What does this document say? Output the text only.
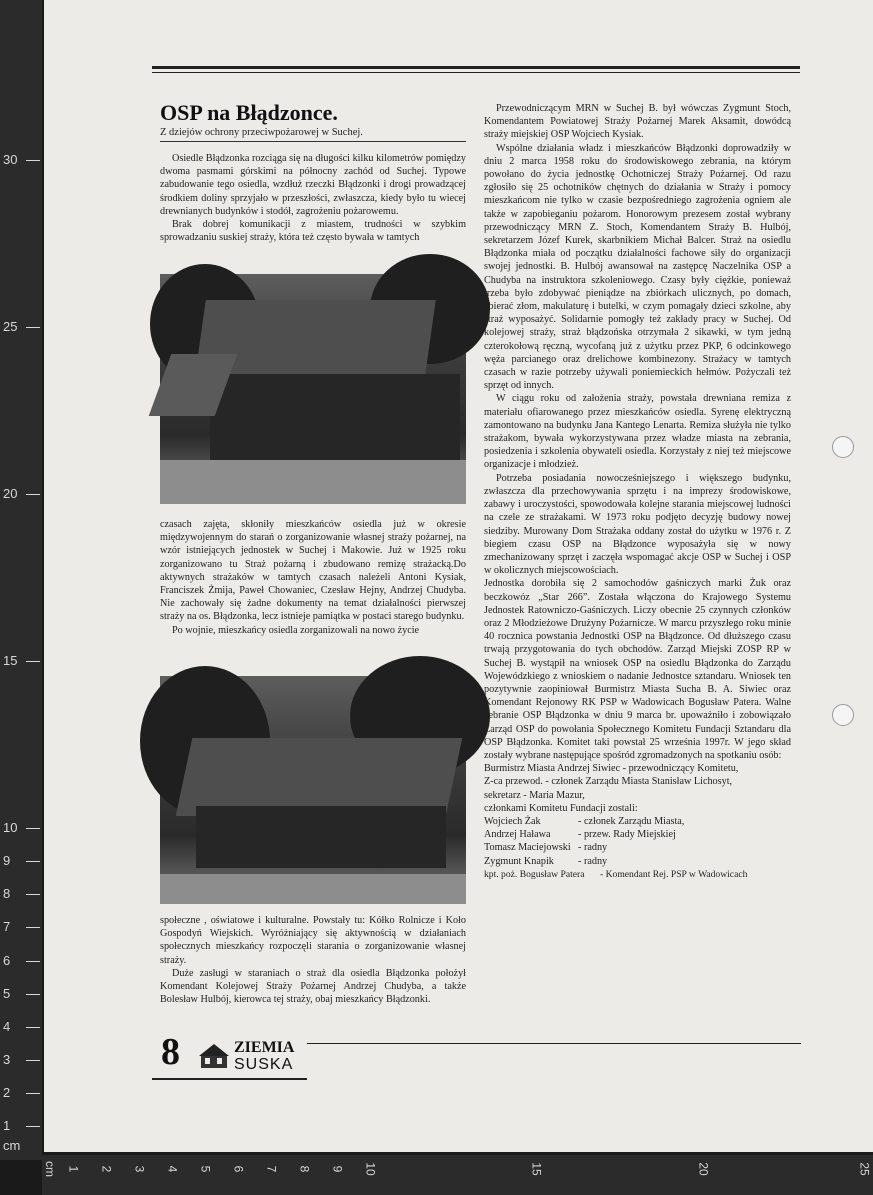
30
25
20
15
10
9
8
7
6
5
4
3
2
1
cm
cm 1 2 3 4 5 6 7 8 9 10	15	20	25
OSP na Błądzonce.
Z dziejów ochrony przeciwpożarowej w Suchej.

Osiedle Błądzonka rozciąga się na długości kilku kilometrów pomiędzy dwoma pasmami górskimi na północny zachód od Suchej. Typowe zabudowanie tego osiedla, wzdłuż rzeczki Błądzonki i drogi prowadzącej środkiem doliny sprzyjało w przeszłości, zwłaszcza, kiedy było tu wiecej drewnianych budynków i stodół, zagrożeniu pożarowemu.

Brak dobrej komunikacji z miastem, trudności w szybkim sprowadzaniu suskiej straży, która też często bywała w tamtych

czasach zajęta, skłoniły mieszkańców osiedla już w okresie międzywojennym do starań o zorganizowanie własnej straży pożarnej, na wzór istniejących jednostek w Suchej i Makowie. Już w 1925 roku zorganizowano tu Straż pożarną i zbudowano remizę strażacką.Do aktywnych strażaków w tamtych czasach należeli Antoni Kysiak, Franciszek Żmija, Paweł Chowaniec, Czesław Hejny, Andrzej Chudyba. Nie zachowały się żadne dokumenty na temat działalności pierwszej straży na os. Błądzonka, lecz istnieje pamiątka w postaci starego budynku.

Po wojnie, mieszkańcy osiedla zorganizowali na nowo życie

społeczne , oświatowe i kulturalne. Powstały tu: Kółko Rolnicze i Koło Gospodyń Wiejskich. Wyróżniający się aktywnością w działaniach społecznych mieszkańcy rozpoczęli starania o zorganizowanie własnej straży.

Duże zasługi w staraniach o straż dla osiedla Błądzonka położył Komendant Kolejowej Straży Pożarnej Andrzej Chudyba, a także Bolesław Hulbój, kierowca tej straży, obaj mieszkańcy Błądzonki.

Przewodniczącym MRN w Suchej B. był wówczas Zygmunt Stoch, Komendantem Powiatowej Straży Pożarnej Marek Aksamit, dowódcą straży miejskiej OSP Wojciech Kysiak.

Wspólne działania władz i mieszkańców Błądzonki doprowadziły w dniu 2 marca 1958 roku do środowiskowego zebrania, na którym powołano do życia jednostkę Ochotniczej Straży Pożarnej. Od razu zgłosiło się 25 ochotników chętnych do działania w Straży i pomocy mieszkańcom nie tylko w czasie bezpośredniego zagrożenia ogniem ale także w zapobieganiu pożarom. Honorowym prezesem został wybrany przewodniczący MRN Z. Stoch, Komendantem Straży B. Hulbój, sekretarzem Józef Kurek, skarbnikiem Michał Balcer. Straż na osiedlu Błądzonka miała od początku działalności fachowe siły do organizacji swojej jednostki. B. Hulbój awansował na zastępcę Naczelnika OSP a Chudyba na instruktora szkoleniowego. Czasy były ciężkie, ponieważ trzeba było zdobywać pieniądze na zbiórkach ulicznych, po domach, zbierać złom, makulaturę i butelki, w czym pomagały dzieci szkolne, aby straż wyposażyć. Solidarnie pomogły też zakłady pracy w Suchej. Od kolejowej straży, straż błądzońska otrzymała 2 sikawki, w tym jedną czterokołową ręczną, wycofaną już z użytku przez PKP, 6 odcinkowego węża parcianego oraz drelichowe kombinezony. Strażacy w tamtych czasach w razie potrzeby używali poniemieckich hełmów. Pożyczali też sprzęt od innych.

W ciągu roku od założenia straży, powstała drewniana remiza z materiału ofiarowanego przez mieszkańców osiedla. Syrenę elektryczną zamontowano na budynku Jana Kantego Lenarta. Remiza służyła nie tylko strażakom, bywała wykorzystywana przez władze miasta na zebrania, posiedzenia i szkolenia obywateli osiedla. Korzystały z niej też miejscowe organizacje i młodzież.

Potrzeba posiadania nowocześniejszego i większego budynku, zwłaszcza dla przechowywania sprzętu i na imprezy środowiskowe, zabawy i uroczystości, spowodowała kolejne starania miejscowej ludności na czele ze strażakami. W 1973 roku podjęto decyzję budowy nowej siedziby. Murowany Dom Strażaka oddany został do użytku w 1976 r. Z biegiem czasu OSP na Błądzonce wyposażyła się w nowy zmechanizowany sprzęt i zaczęła wspomagać akcje OSP w Suchej i OSP w okolicznych miejscowościach.

Jednostka dorobiła się 2 samochodów gaśniczych marki Żuk oraz beczkowóz „Star 266”. Została włączona do Krajowego Systemu Jednostek Ratowniczo-Gaśniczych. Liczy obecnie 25 czynnych członków oraz 2 Młodzieżowe Drużyny Pożarnicze. W marcu przyszłego roku minie 40 rocznica powstania Jednostki OSP na Błądzonce. Od dłuższego czasu trwają przygotowania do tych obchodów. Zarząd Miejski ZOSP RP w Suchej B. wystąpił na wniosek OSP na osiedlu Błądzonka do Zarządu Wojewódzkiego z wnioskiem o nadanie Jednostce sztandaru. Wniosek ten pozytywnie zaopiniował Burmistrz Miasta Sucha B. A. Siwiec oraz Komendant Rejonowy RK PSP w Wadowicach Bogusław Patera. Walne zebranie OSP Błądzonka w dniu 9 marca br. upoważniło i zobowiązało Zarząd OSP do powołania Społecznego Komitetu Fundacji Sztandaru dla OSP Błądzonka. Komitet taki powstał 25 września 1997r. W jego skład zostały wybrane następujące spośród zgromadzonych na spotkaniu osób:

Burmistrz Miasta Andrzej Siwiec - przewodniczący Komitetu,

Z-ca przewod. - członek Zarządu Miasta Stanisław Lichosyt,

sekretarz - Maria Mazur,

członkami Komitetu Fundacji zostali:

Wojciech Żak	- członek Zarządu Miasta,
Andrzej Haława	- przew. Rady Miejskiej
Tomasz Maciejowski - radny
Zygmunt Knapik	- radny
kpt. poż. Bogusław Patera	- Komendant Rej. PSP w Wadowicach
8	ZIEMIA
SUSKA
